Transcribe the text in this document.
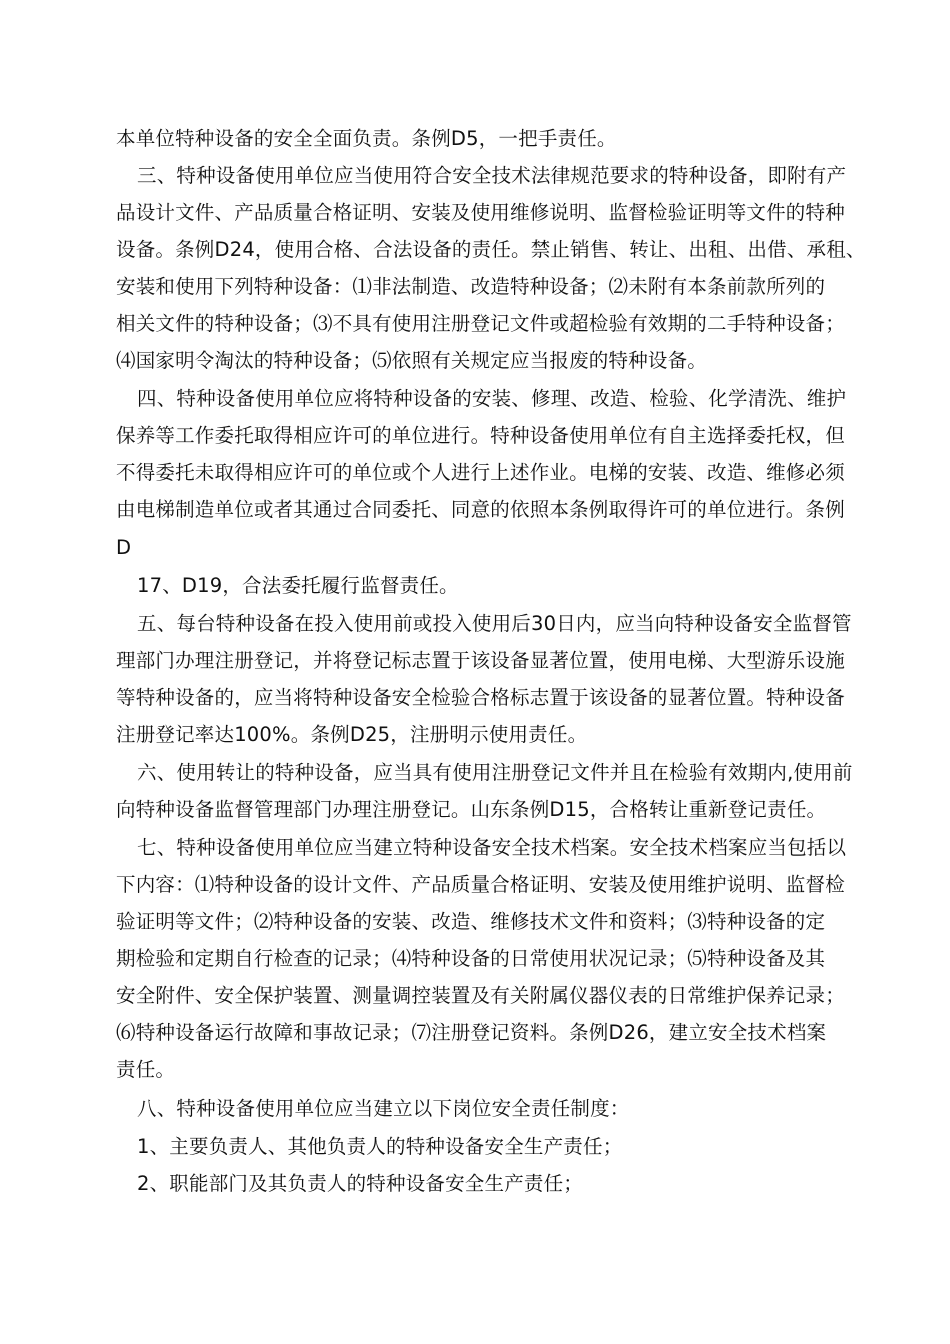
本单位特种设备的安全全面负责。条例D5，一把手责任。
三、特种设备使用单位应当使用符合安全技术法律规范要求的特种设备，即附有产
品设计文件、产品质量合格证明、安装及使用维修说明、监督检验证明等文件的特种
设备。条例D24，使用合格、合法设备的责任。禁止销售、转让、出租、出借、承租、
安装和使用下列特种设备：⑴非法制造、改造特种设备；⑵未附有本条前款所列的
相关文件的特种设备；⑶不具有使用注册登记文件或超检验有效期的二手特种设备；
⑷国家明令淘汰的特种设备；⑸依照有关规定应当报废的特种设备。
四、特种设备使用单位应将特种设备的安装、修理、改造、检验、化学清洗、维护
保养等工作委托取得相应许可的单位进行。特种设备使用单位有自主选择委托权，但
不得委托未取得相应许可的单位或个人进行上述作业。电梯的安装、改造、维修必须
由电梯制造单位或者其通过合同委托、同意的依照本条例取得许可的单位进行。条例
D
17、D19，合法委托履行监督责任。
五、每台特种设备在投入使用前或投入使用后30日内，应当向特种设备安全监督管
理部门办理注册登记，并将登记标志置于该设备显著位置，使用电梯、大型游乐设施
等特种设备的，应当将特种设备安全检验合格标志置于该设备的显著位置。特种设备
注册登记率达100%。条例D25，注册明示使用责任。
六、使用转让的特种设备，应当具有使用注册登记文件并且在检验有效期内,使用前
向特种设备监督管理部门办理注册登记。山东条例D15，合格转让重新登记责任。
七、特种设备使用单位应当建立特种设备安全技术档案。安全技术档案应当包括以
下内容：⑴特种设备的设计文件、产品质量合格证明、安装及使用维护说明、监督检
验证明等文件；⑵特种设备的安装、改造、维修技术文件和资料；⑶特种设备的定
期检验和定期自行检查的记录；⑷特种设备的日常使用状况记录；⑸特种设备及其
安全附件、安全保护装置、测量调控装置及有关附属仪器仪表的日常维护保养记录；
⑹特种设备运行故障和事故记录；⑺注册登记资料。条例D26，建立安全技术档案
责任。
八、特种设备使用单位应当建立以下岗位安全责任制度：
1、主要负责人、其他负责人的特种设备安全生产责任；
2、职能部门及其负责人的特种设备安全生产责任；
